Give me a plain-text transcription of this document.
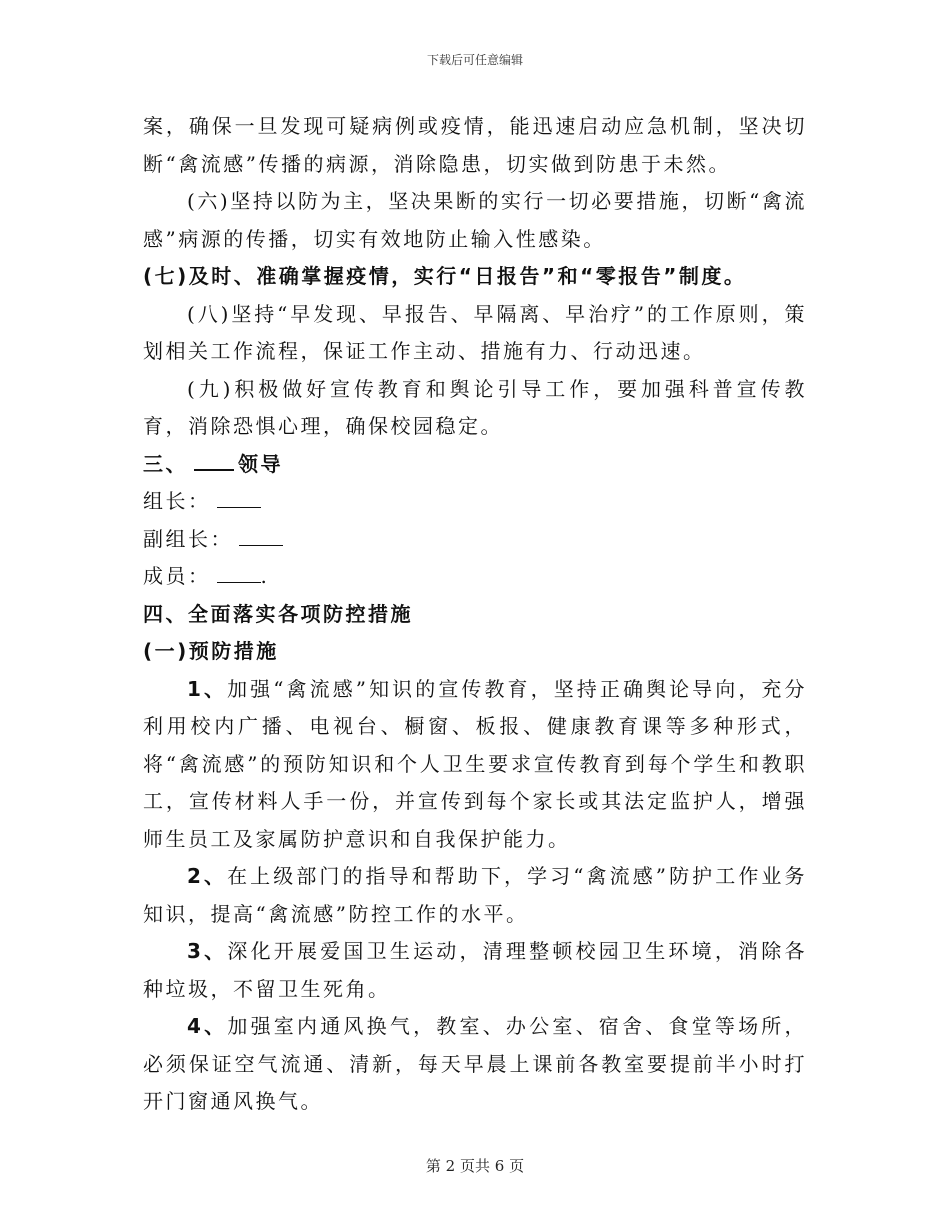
下载后可任意编辑

案，确保一旦发现可疑病例或疫情，能迅速启动应急机制，坚决切断“禽流感”传播的病源，消除隐患，切实做到防患于未然。

(六)坚持以防为主，坚决果断的实行一切必要措施，切断“禽流感”病源的传播，切实有效地防止输入性感染。

(七)及时、准确掌握疫情，实行“日报告”和“零报告”制度。

(八)坚持“早发现、早报告、早隔离、早治疗”的工作原则，策划相关工作流程，保证工作主动、措施有力、行动迅速。

(九)积极做好宣传教育和舆论引导工作，要加强科普宣传教育，消除恐惧心理，确保校园稳定。

三、	领导

组长：

副组长：

成员：	.

四、全面落实各项防控措施

(一)预防措施

1、加强“禽流感”知识的宣传教育，坚持正确舆论导向，充分利用校内广播、电视台、橱窗、板报、健康教育课等多种形式，将“禽流感”的预防知识和个人卫生要求宣传教育到每个学生和教职工，宣传材料人手一份，并宣传到每个家长或其法定监护人，增强师生员工及家属防护意识和自我保护能力。

2、在上级部门的指导和帮助下，学习“禽流感”防护工作业务知识，提高“禽流感”防控工作的水平。

3、深化开展爱国卫生运动，清理整顿校园卫生环境，消除各种垃圾，不留卫生死角。

4、加强室内通风换气，教室、办公室、宿舍、食堂等场所，必须保证空气流通、清新，每天早晨上课前各教室要提前半小时打开门窗通风换气。

第 2 页共 6 页
